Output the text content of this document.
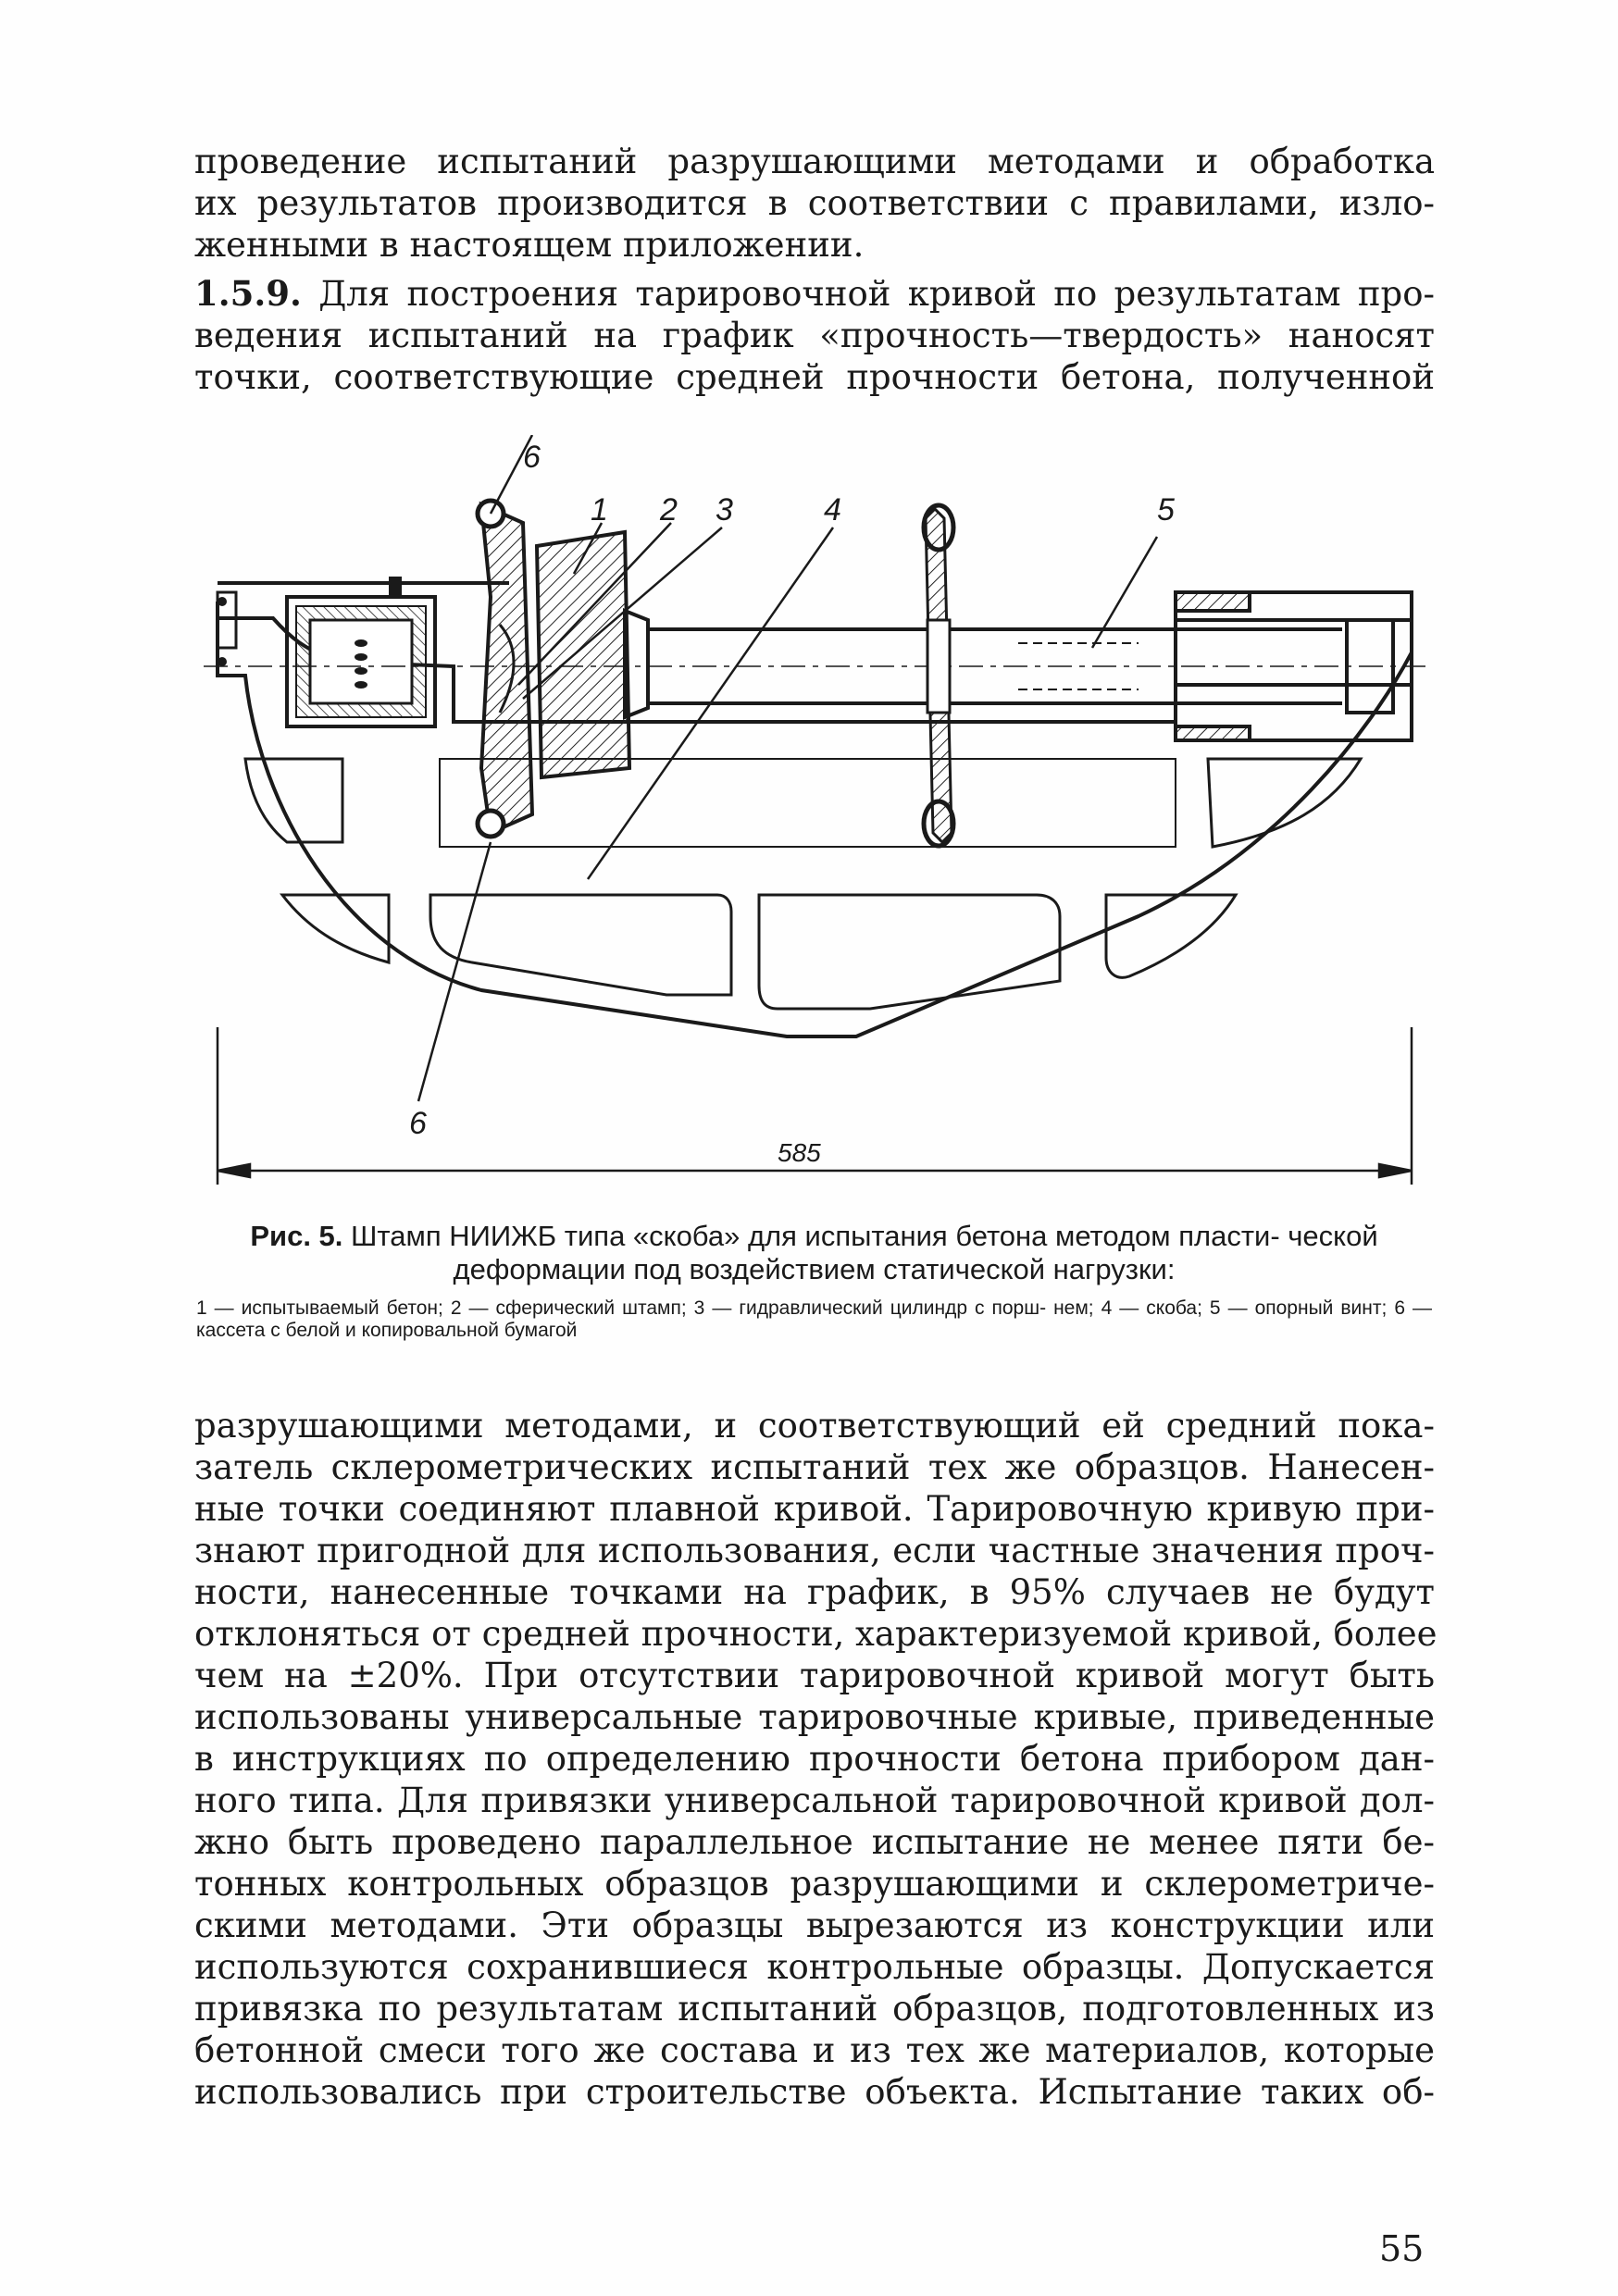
проведение испытаний разрушающими методами и обработка
их результатов производится в соответствии с правилами, изло-
женными в настоящем приложении.
1.5.9. Для построения тарировочной кривой по результатам про-
ведения испытаний на график «прочность—твердость» наносят
точки, соответствующие средней прочности бетона, полученной
6
1 2 3	4	5
6
585
Рис. 5. Штамп НИИЖБ типа «скоба» для испытания бетона методом пласти- ческой деформации под воздействием статической нагрузки:
1 — испытываемый бетон; 2 — сферический штамп; 3 — гидравлический цилиндр с порш- нем; 4 — скоба; 5 — опорный винт; 6 — кассета с белой и копировальной бумагой
разрушающими методами, и соответствующий ей средний пока-
затель склерометрических испытаний тех же образцов. Нанесен-
ные точки соединяют плавной кривой. Тарировочную кривую при-
знают пригодной для использования, если частные значения проч-
ности, нанесенные точками на график, в 95% случаев не будут
отклоняться от средней прочности, характеризуемой кривой, более
чем на ±20%. При отсутствии тарировочной кривой могут быть
использованы универсальные тарировочные кривые, приведенные
в инструкциях по определению прочности бетона прибором дан-
ного типа. Для привязки универсальной тарировочной кривой дол-
жно быть проведено параллельное испытание не менее пяти бе-
тонных контрольных образцов разрушающими и склерометриче-
скими методами. Эти образцы вырезаются из конструкции или
используются сохранившиеся контрольные образцы. Допускается
привязка по результатам испытаний образцов, подготовленных из
бетонной смеси того же состава и из тех же материалов, которые
использовались при строительстве объекта. Испытание таких об-
55
